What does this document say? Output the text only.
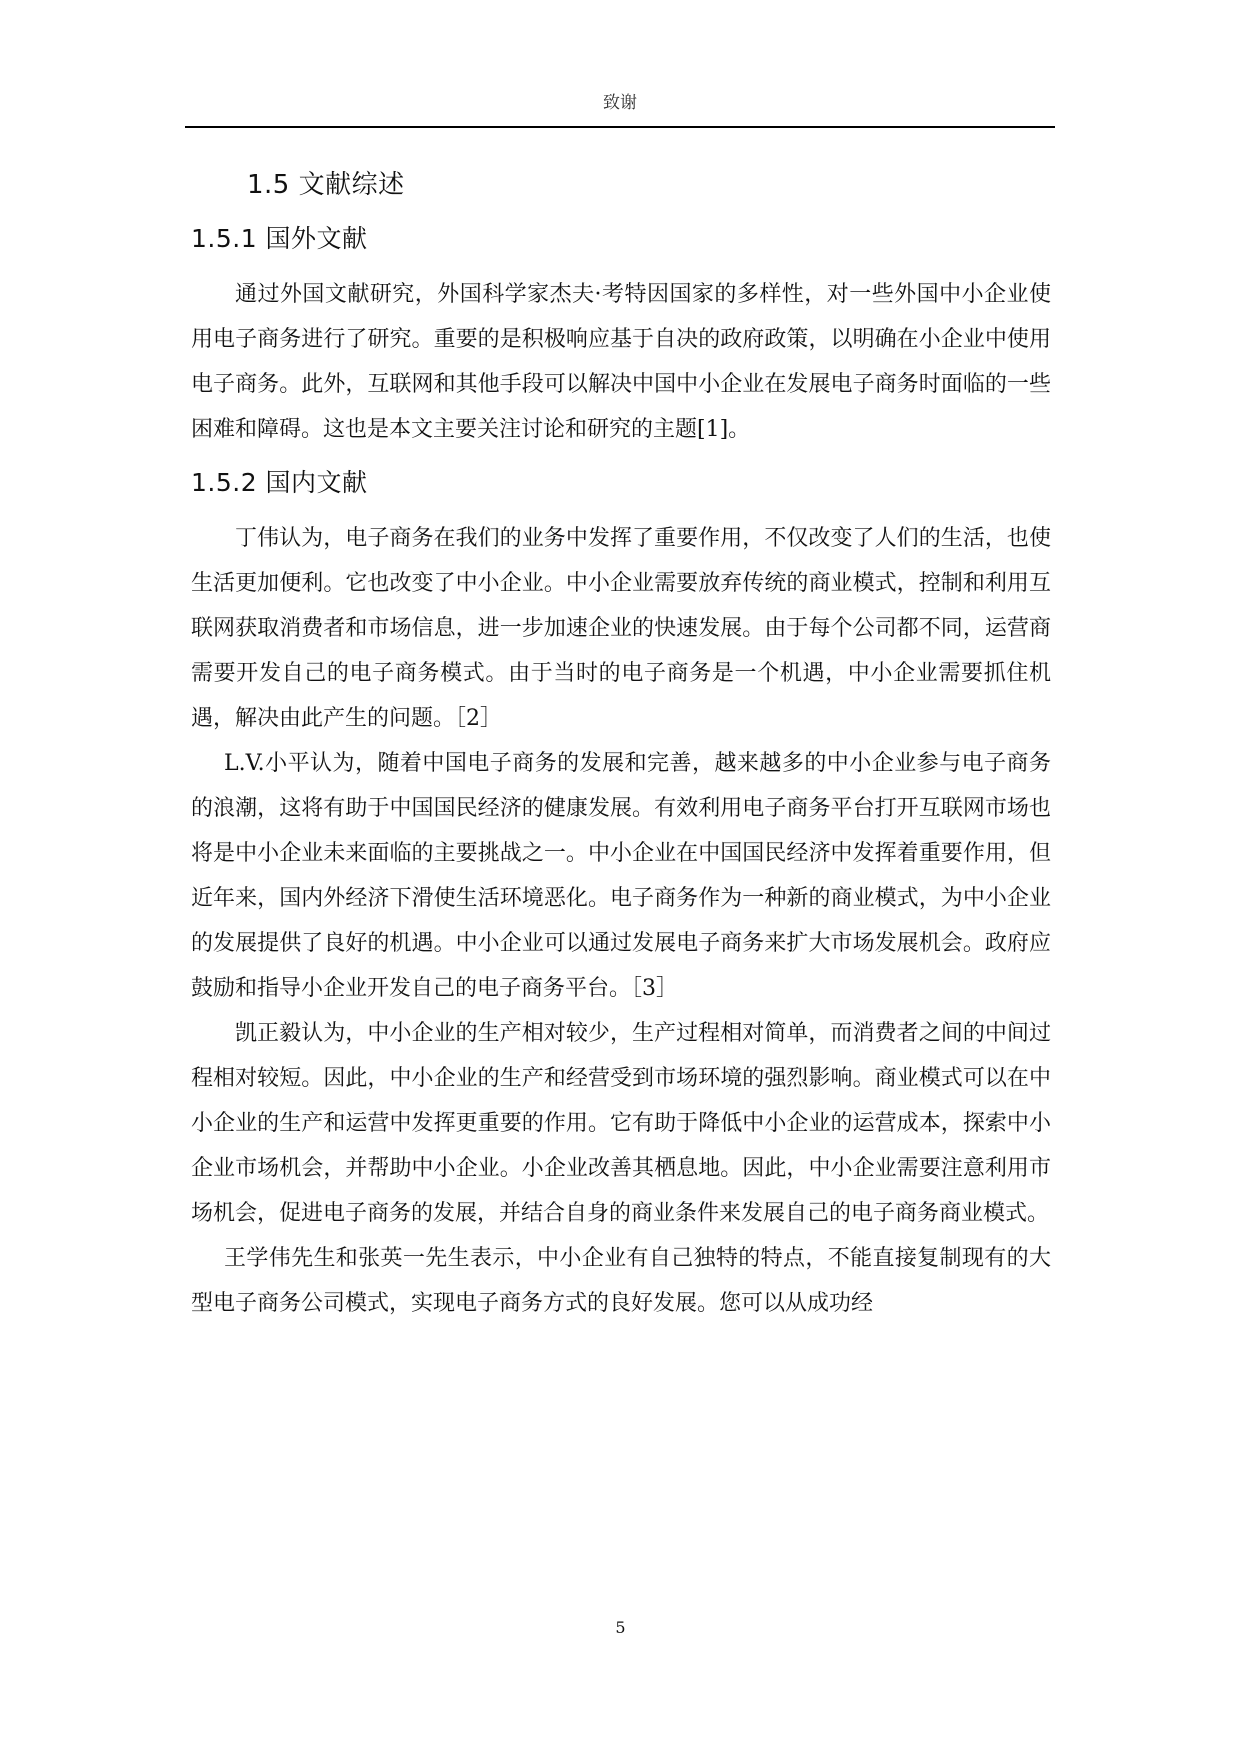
致谢
1.5 文献综述
1.5.1 国外文献

通过外国文献研究，外国科学家杰夫·考特因国家的多样性，对一些外国中小企业使用电子商务进行了研究。重要的是积极响应基于自决的政府政策，以明确在小企业中使用电子商务。此外，互联网和其他手段可以解决中国中小企业在发展电子商务时面临的一些困难和障碍。这也是本文主要关注讨论和研究的主题[1]。

1.5.2 国内文献

丁伟认为，电子商务在我们的业务中发挥了重要作用，不仅改变了人们的生活，也使生活更加便利。它也改变了中小企业。中小企业需要放弃传统的商业模式，控制和利用互联网获取消费者和市场信息，进一步加速企业的快速发展。由于每个公司都不同，运营商需要开发自己的电子商务模式。由于当时的电子商务是一个机遇，中小企业需要抓住机遇，解决由此产生的问题。［2］

L.V.小平认为，随着中国电子商务的发展和完善，越来越多的中小企业参与电子商务的浪潮，这将有助于中国国民经济的健康发展。有效利用电子商务平台打开互联网市场也将是中小企业未来面临的主要挑战之一。中小企业在中国国民经济中发挥着重要作用，但近年来，国内外经济下滑使生活环境恶化。电子商务作为一种新的商业模式，为中小企业的发展提供了良好的机遇。中小企业可以通过发展电子商务来扩大市场发展机会。政府应鼓励和指导小企业开发自己的电子商务平台。［3］

凯正毅认为，中小企业的生产相对较少，生产过程相对简单，而消费者之间的中间过程相对较短。因此，中小企业的生产和经营受到市场环境的强烈影响。商业模式可以在中小企业的生产和运营中发挥更重要的作用。它有助于降低中小企业的运营成本，探索中小企业市场机会，并帮助中小企业。小企业改善其栖息地。因此，中小企业需要注意利用市场机会，促进电子商务的发展，并结合自身的商业条件来发展自己的电子商务商业模式。

王学伟先生和张英一先生表示，中小企业有自己独特的特点，不能直接复制现有的大型电子商务公司模式，实现电子商务方式的良好发展。您可以从成功经

5
